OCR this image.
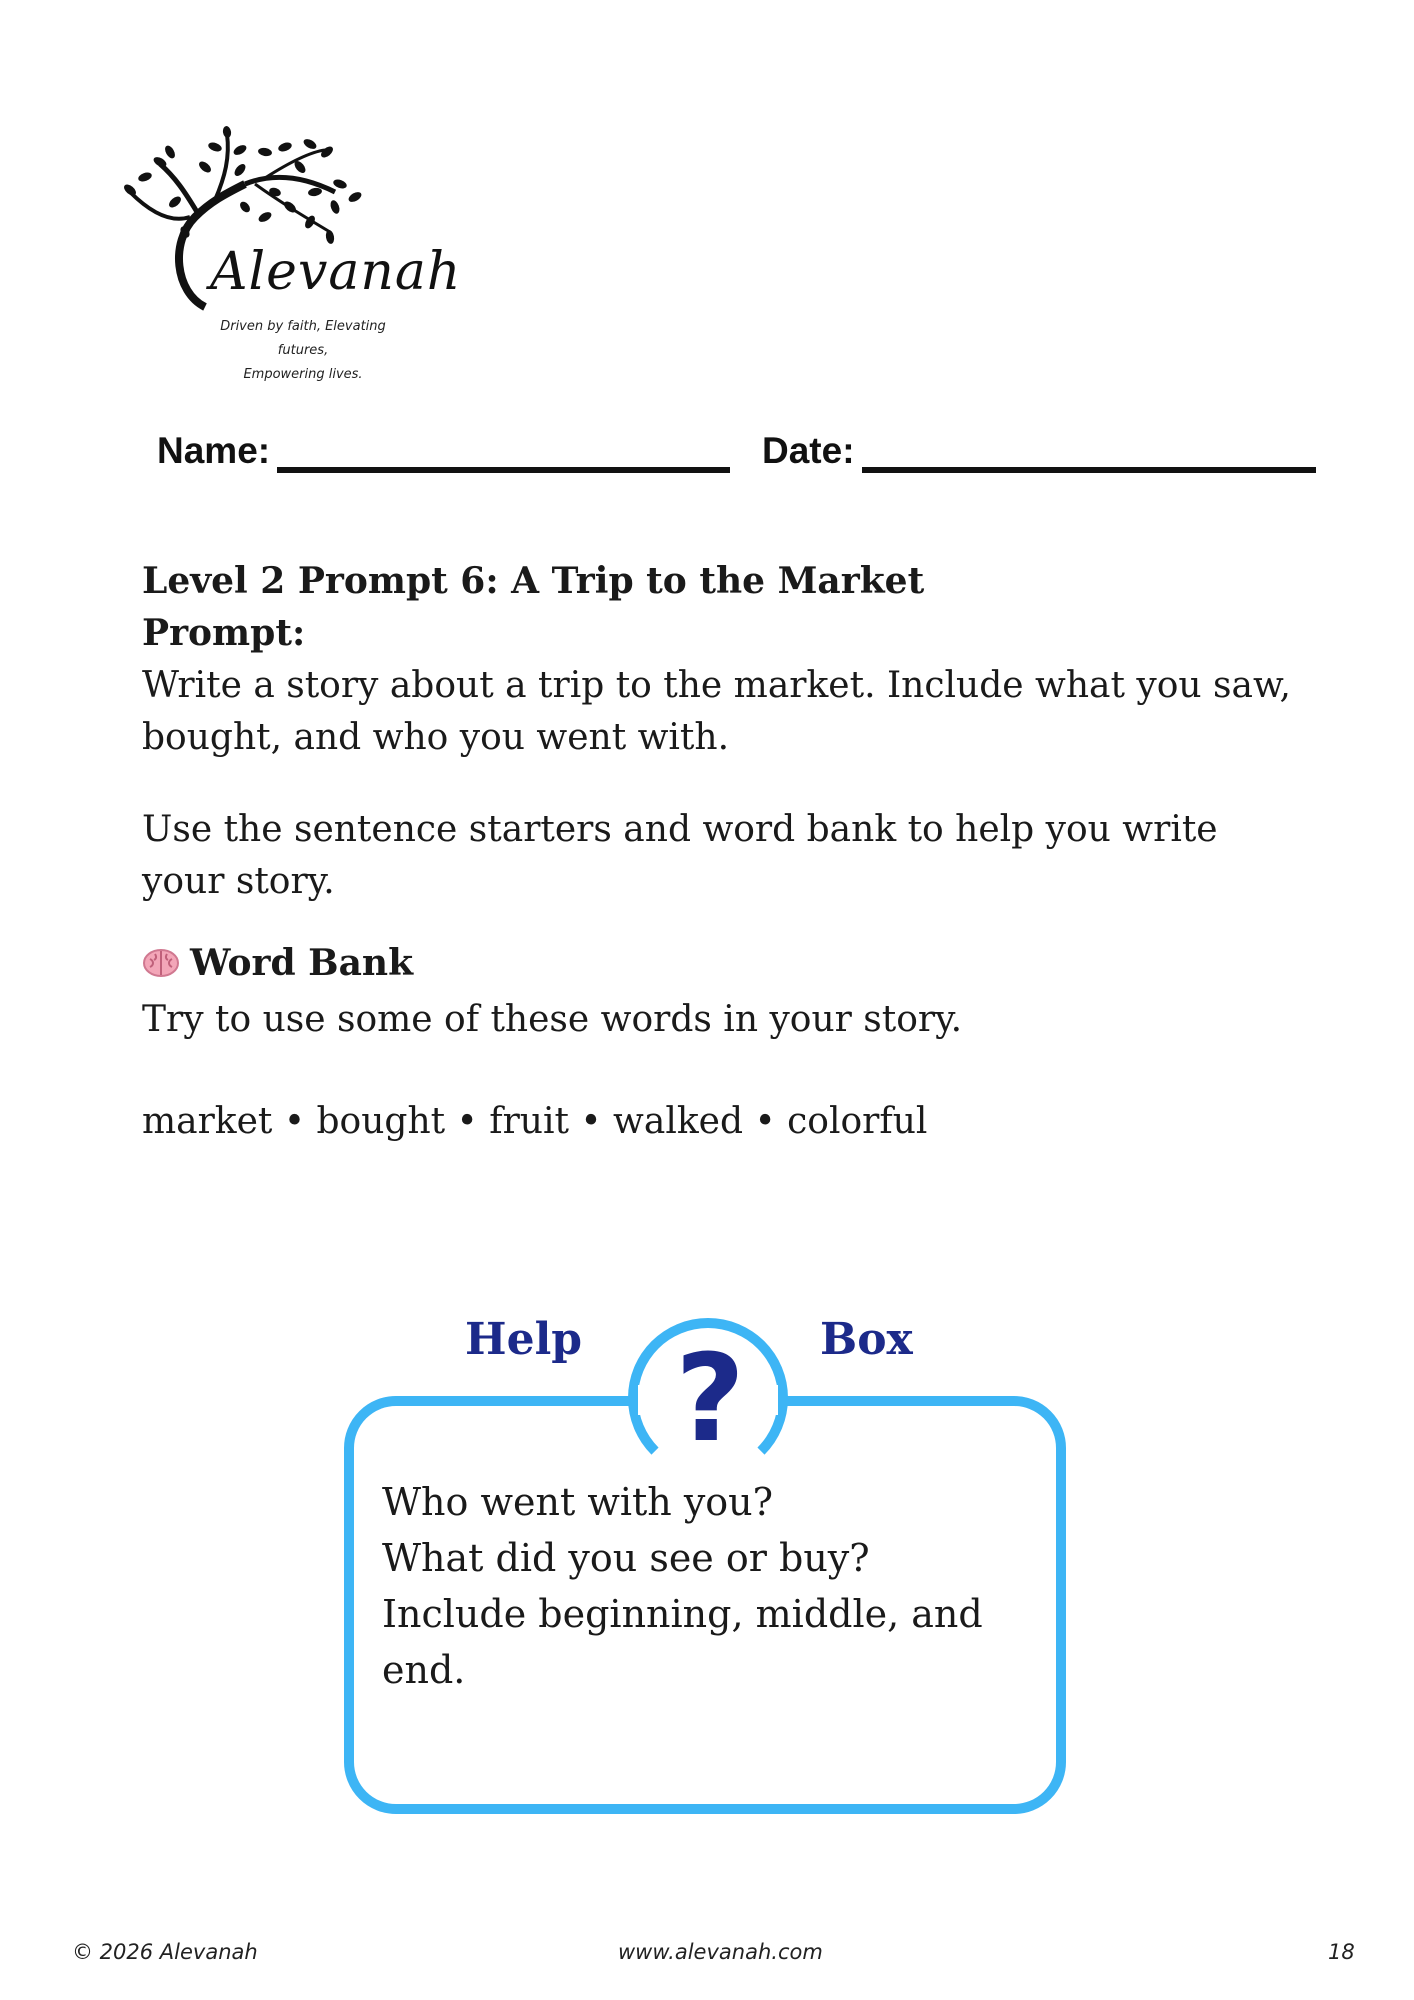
Alevanah
Driven by faith, Elevating futures,
Empowering lives.
Name:	Date:
Level 2 Prompt 6: A Trip to the Market
Prompt:
Write a story about a trip to the market. Include what you saw, bought, and who you went with.
Use the sentence starters and word bank to help you write your story.
Word Bank
Try to use some of these words in your story.
market • bought • fruit • walked • colorful
Help	Box
?
Who went with you?
What did you see or buy?
Include beginning, middle, and
end.
© 2026 Alevanah	www.alevanah.com	18
